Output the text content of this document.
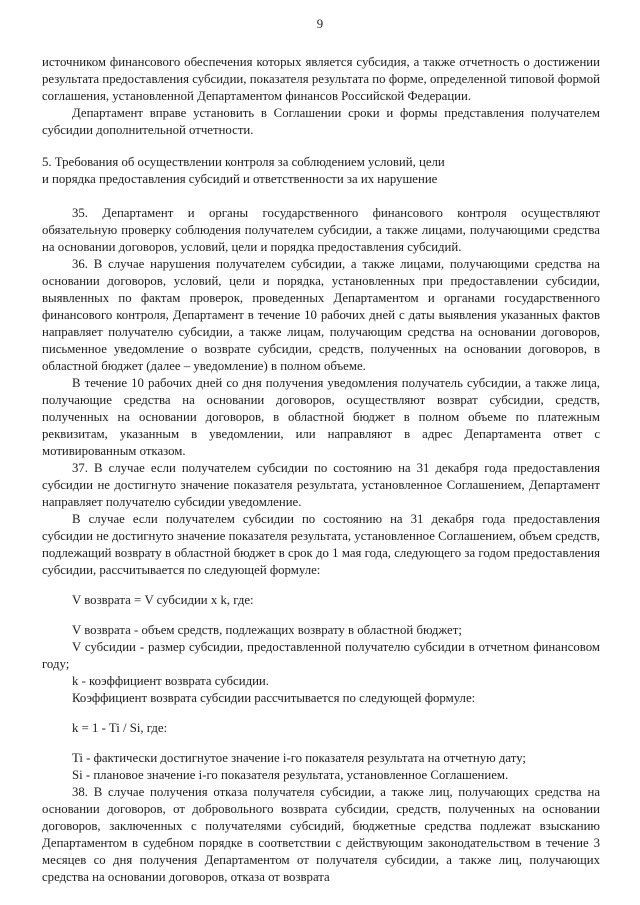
9

источником финансового обеспечения которых является субсидия, а также отчетность о достижении результата предоставления субсидии, показателя результата по форме, определенной типовой формой соглашения, установленной Департаментом финансов Российской Федерации.

Департамент вправе установить в Соглашении сроки и формы представления получателем субсидии дополнительной отчетности.

5. Требования об осуществлении контроля за соблюдением условий, цели

и порядка предоставления субсидий и ответственности за их нарушение

35. Департамент и органы государственного финансового контроля осуществляют обязательную проверку соблюдения получателем субсидии, а также лицами, получающими средства на основании договоров, условий, цели и порядка предоставления субсидий.

36. В случае нарушения получателем субсидии, а также лицами, получающими средства на основании договоров, условий, цели и порядка, установленных при предоставлении субсидии, выявленных по фактам проверок, проведенных Департаментом и органами государственного финансового контроля, Департамент в течение 10 рабочих дней с даты выявления указанных фактов направляет получателю субсидии, а также лицам, получающим средства на основании договоров, письменное уведомление о возврате субсидии, средств, полученных на основании договоров, в областной бюджет (далее – уведомление) в полном объеме.

В течение 10 рабочих дней со дня получения уведомления получатель субсидии, а также лица, получающие средства на основании договоров, осуществляют возврат субсидии, средств, полученных на основании договоров, в областной бюджет в полном объеме по платежным реквизитам, указанным в уведомлении, или направляют в адрес Департамента ответ с мотивированным отказом.

37. В случае если получателем субсидии по состоянию на 31 декабря года предоставления субсидии не достигнуто значение показателя результата, установленное Соглашением, Департамент направляет получателю субсидии уведомление.

В случае если получателем субсидии по состоянию на 31 декабря года предоставления субсидии не достигнуто значение показателя результата, установленное Соглашением, объем средств, подлежащий возврату в областной бюджет в срок до 1 мая года, следующего за годом предоставления субсидии, рассчитывается по следующей формуле:

V возврата = V субсидии x k, где:

V возврата - объем средств, подлежащих возврату в областной бюджет;

V субсидии - размер субсидии, предоставленной получателю субсидии в отчетном финансовом году;

k - коэффициент возврата субсидии.

Коэффициент возврата субсидии рассчитывается по следующей формуле:

k = 1 - Ti / Si, где:

Ti - фактически достигнутое значение i-го показателя результата на отчетную дату;

Si - плановое значение i-го показателя результата, установленное Соглашением.

38. В случае получения отказа получателя субсидии, а также лиц, получающих средства на основании договоров, от добровольного возврата субсидии, средств, полученных на основании договоров, заключенных с получателями субсидий, бюджетные средства подлежат взысканию Департаментом в судебном порядке в соответствии с действующим законодательством в течение 3 месяцев со дня получения Департаментом от получателя субсидии, а также лиц, получающих средства на основании договоров, отказа от возврата
